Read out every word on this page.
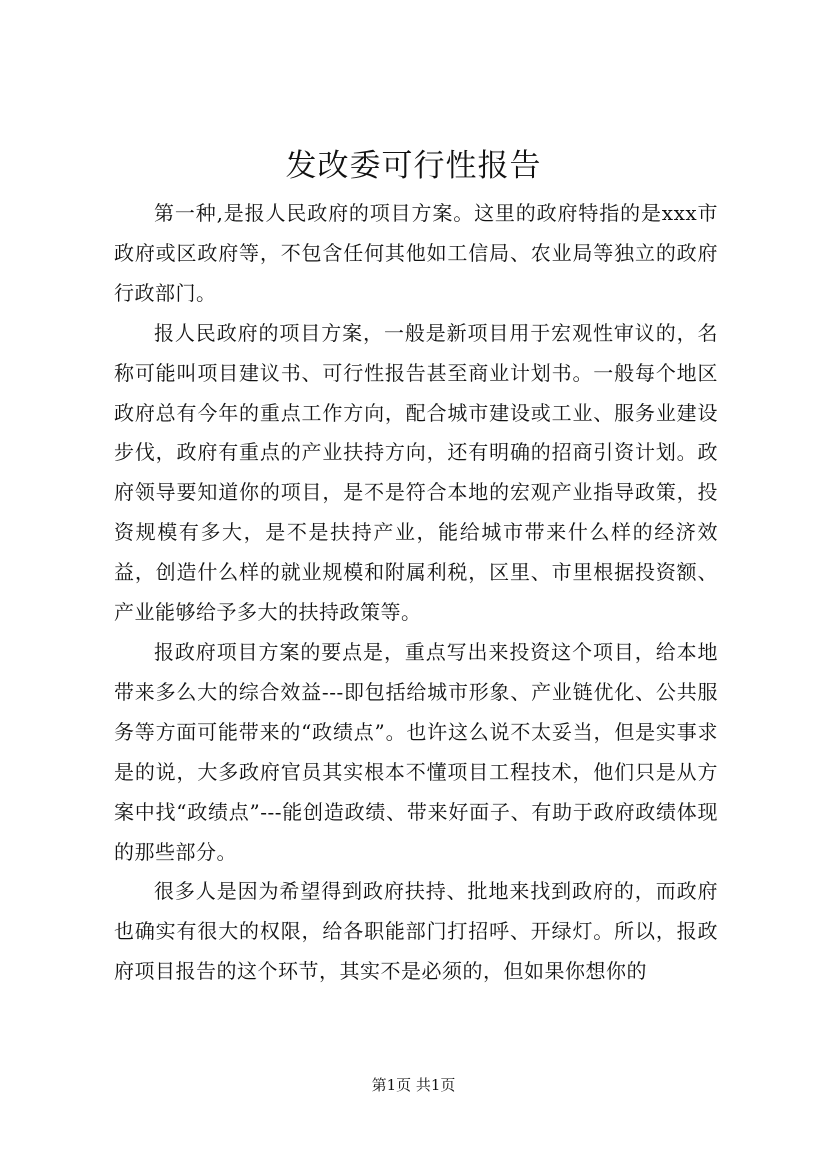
发改委可行性报告

第一种,是报人民政府的项目方案。这里的政府特指的是xxx市政府或区政府等，不包含任何其他如工信局、农业局等独立的政府行政部门。

报人民政府的项目方案，一般是新项目用于宏观性审议的，名称可能叫项目建议书、可行性报告甚至商业计划书。一般每个地区政府总有今年的重点工作方向，配合城市建设或工业、服务业建设步伐，政府有重点的产业扶持方向，还有明确的招商引资计划。政府领导要知道你的项目，是不是符合本地的宏观产业指导政策，投资规模有多大，是不是扶持产业，能给城市带来什么样的经济效益，创造什么样的就业规模和附属利税，区里、市里根据投资额、产业能够给予多大的扶持政策等。

报政府项目方案的要点是，重点写出来投资这个项目，给本地带来多么大的综合效益---即包括给城市形象、产业链优化、公共服务等方面可能带来的“政绩点”。也许这么说不太妥当，但是实事求是的说，大多政府官员其实根本不懂项目工程技术，他们只是从方案中找“政绩点”---能创造政绩、带来好面子、有助于政府政绩体现的那些部分。

很多人是因为希望得到政府扶持、批地来找到政府的，而政府也确实有很大的权限，给各职能部门打招呼、开绿灯。所以，报政府项目报告的这个环节，其实不是必须的，但如果你想你的

第1页 共1页
